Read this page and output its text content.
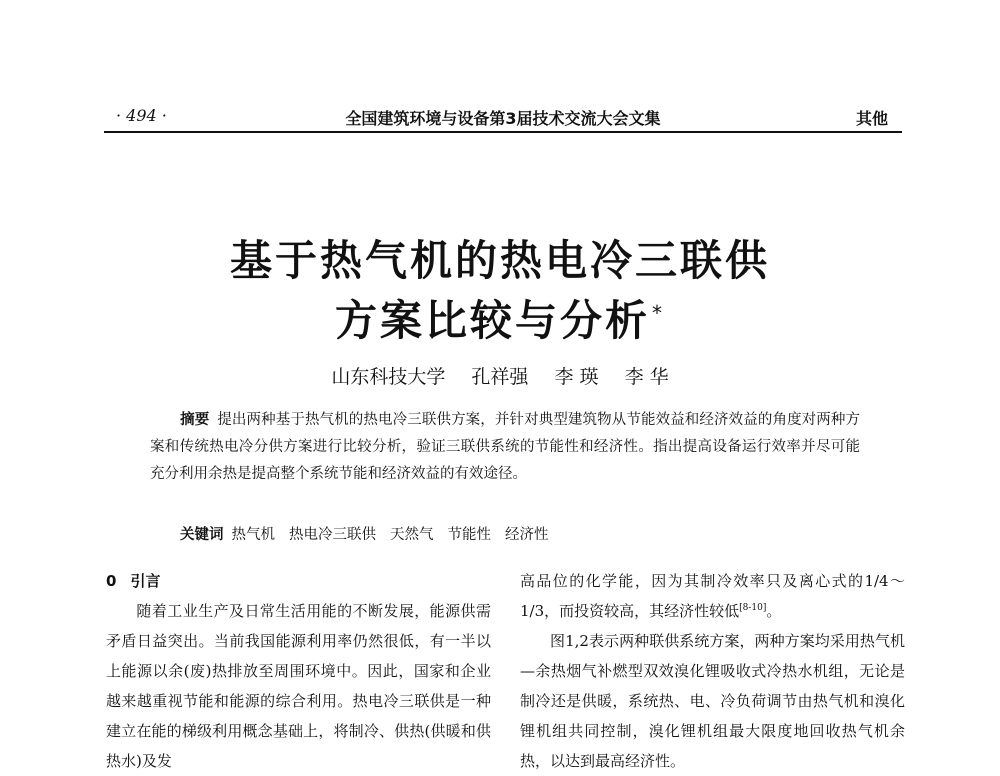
· 494 ·	全国建筑环境与设备第3届技术交流大会文集	其他
基于热气机的热电冷三联供
方案比较与分析 *
山东科技大学 孔祥强 李 瑛 李 华
摘要 提出两种基于热气机的热电冷三联供方案，并针对典型建筑物从节能效益和经济效益的角度对两种方案和传统热电冷分供方案进行比较分析，验证三联供系统的节能性和经济性。指出提高设备运行效率并尽可能充分利用余热是提高整个系统节能和经济效益的有效途径。
关键词 热气机 热电冷三联供 天然气 节能性 经济性

0 引言

随着工业生产及日常生活用能的不断发展，能源供需矛盾日益突出。当前我国能源利用率仍然很低，有一半以上能源以余(废)热排放至周围环境中。因此，国家和企业越来越重视节能和能源的综合利用。热电冷三联供是一种建立在能的梯级利用概念基础上，将制冷、供热(供暖和供热水)及发

高品位的化学能，因为其制冷效率只及离心式的1/4～1/3，而投资较高，其经济性较低[8-10]。

图1,2表示两种联供系统方案，两种方案均采用热气机—余热烟气补燃型双效溴化锂吸收式冷热水机组，无论是制冷还是供暖，系统热、电、冷负荷调节由热气机和溴化锂机组共同控制，溴化锂机组最大限度地回收热气机余热，以达到最高经济性。
